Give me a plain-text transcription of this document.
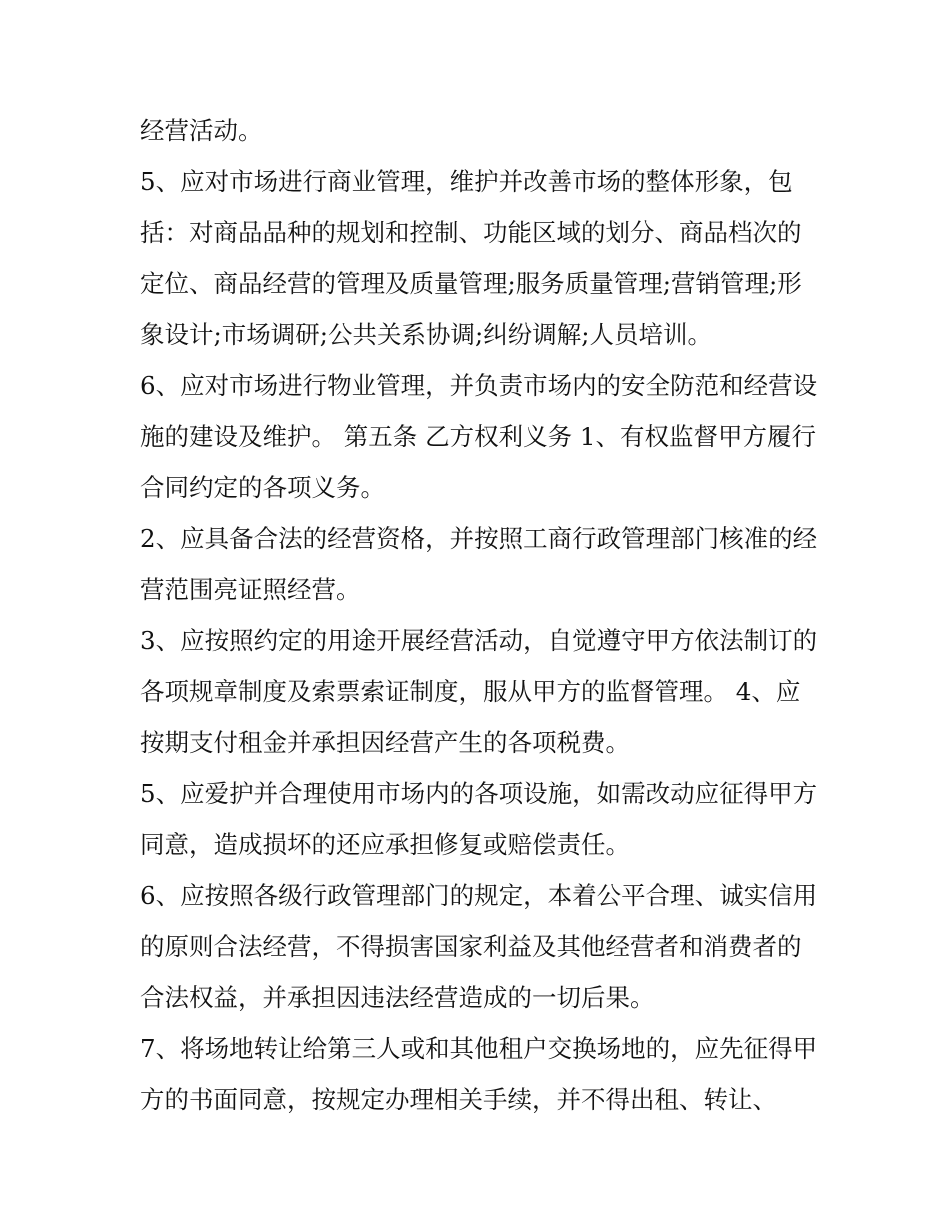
经营活动。

5、应对市场进行商业管理，维护并改善市场的整体形象，包括：对商品品种的规划和控制、功能区域的划分、商品档次的定位、商品经营的管理及质量管理;服务质量管理;营销管理;形象设计;市场调研;公共关系协调;纠纷调解;人员培训。

6、应对市场进行物业管理，并负责市场内的安全防范和经营设施的建设及维护。 第五条 乙方权利义务 1、有权监督甲方履行合同约定的各项义务。

2、应具备合法的经营资格，并按照工商行政管理部门核准的经营范围亮证照经营。

3、应按照约定的用途开展经营活动，自觉遵守甲方依法制订的各项规章制度及索票索证制度，服从甲方的监督管理。 4、应按期支付租金并承担因经营产生的各项税费。

5、应爱护并合理使用市场内的各项设施，如需改动应征得甲方同意，造成损坏的还应承担修复或赔偿责任。

6、应按照各级行政管理部门的规定，本着公平合理、诚实信用的原则合法经营，不得损害国家利益及其他经营者和消费者的合法权益，并承担因违法经营造成的一切后果。

7、将场地转让给第三人或和其他租户交换场地的，应先征得甲方的书面同意，按规定办理相关手续，并不得出租、转让、
